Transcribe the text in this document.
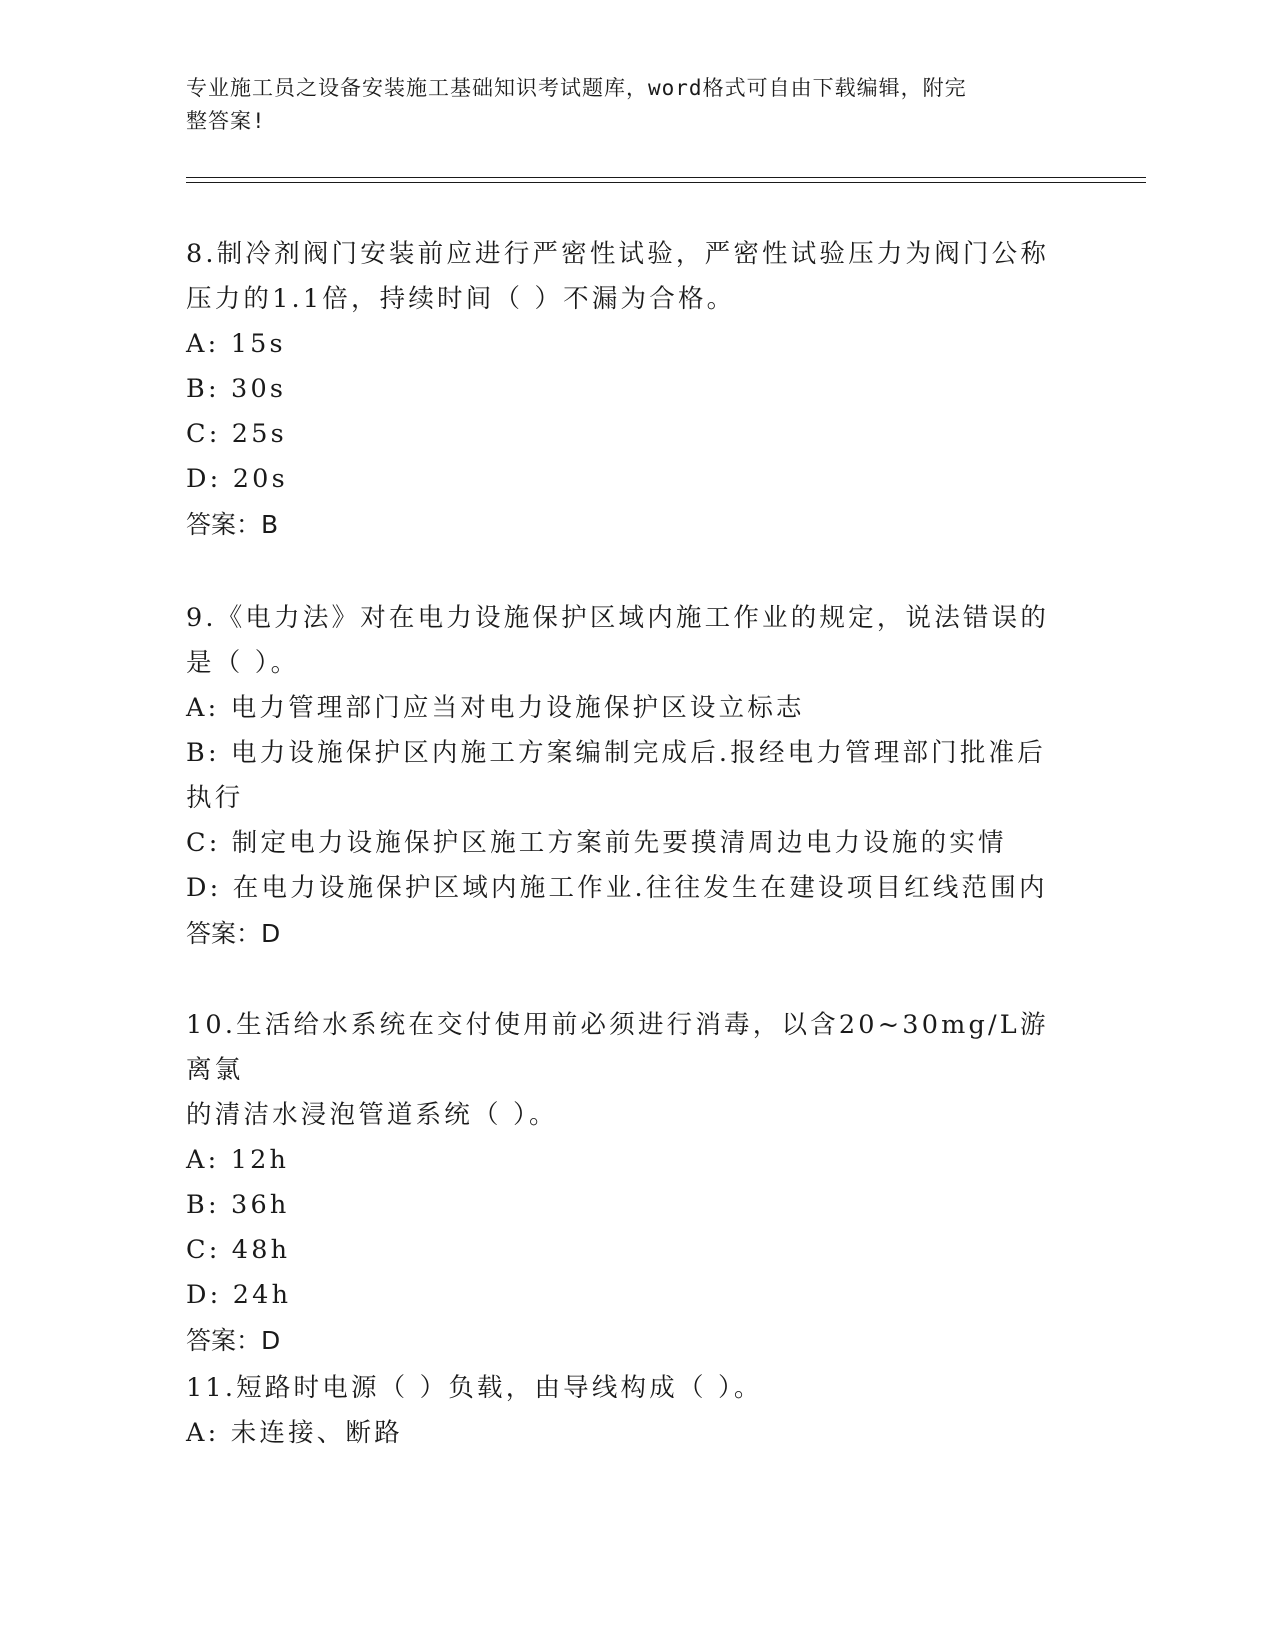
专业施工员之设备安装施工基础知识考试题库，word格式可自由下载编辑，附完
整答案!

8.制冷剂阀门安装前应进行严密性试验，严密性试验压力为阀门公称

压力的1.1倍，持续时间（ ）不漏为合格。

A: 15s

B: 30s

C: 25s

D: 20s

答案：B

9.《电力法》对在电力设施保护区域内施工作业的规定，说法错误的

是（ ）。

A: 电力管理部门应当对电力设施保护区设立标志

B: 电力设施保护区内施工方案编制完成后.报经电力管理部门批准后

执行

C: 制定电力设施保护区施工方案前先要摸清周边电力设施的实情

D: 在电力设施保护区域内施工作业.往往发生在建设项目红线范围内

答案：D

10.生活给水系统在交付使用前必须进行消毒，以含20~30mg/L游离氯

的清洁水浸泡管道系统（ ）。

A: 12h

B: 36h

C: 48h

D: 24h

答案：D

11.短路时电源（ ）负载，由导线构成（ ）。

A: 未连接、断路
